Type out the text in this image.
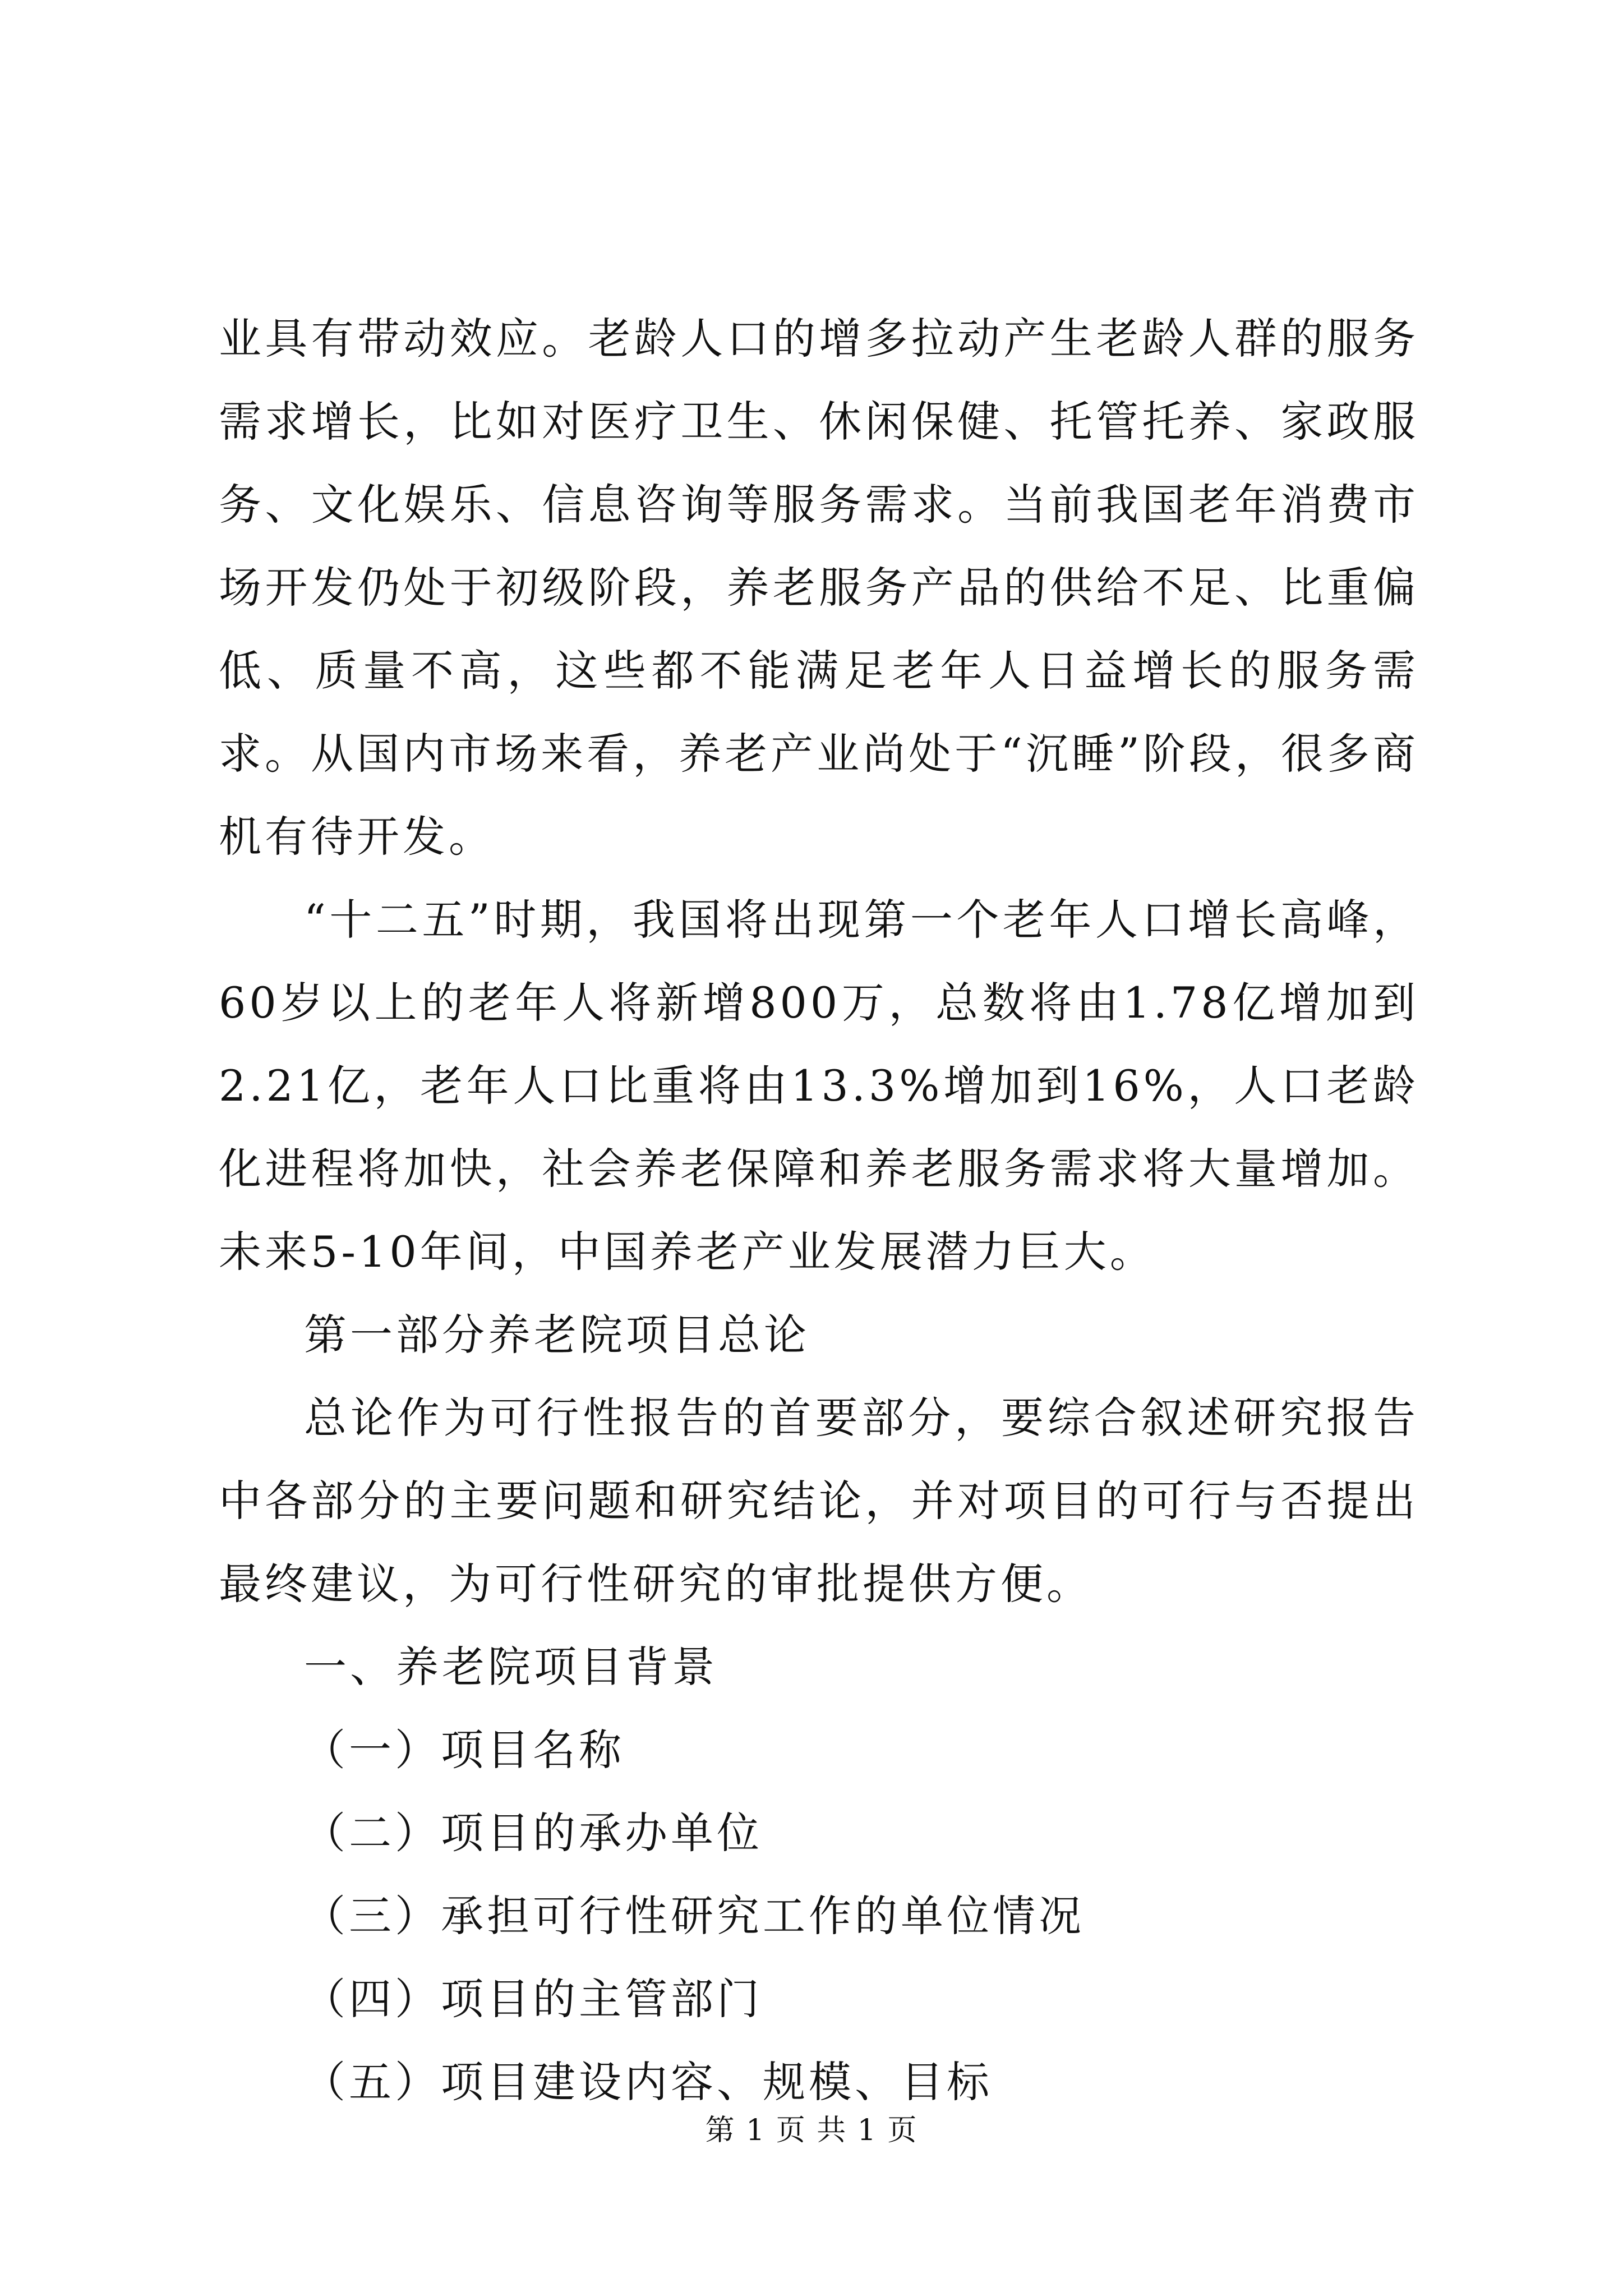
业具有带动效应。老龄人口的增多拉动产生老龄人群的服务需求增长，比如对医疗卫生、休闲保健、托管托养、家政服务、文化娱乐、信息咨询等服务需求。当前我国老年消费市场开发仍处于初级阶段，养老服务产品的供给不足、比重偏低、质量不高，这些都不能满足老年人日益增长的服务需求。从国内市场来看，养老产业尚处于“沉睡”阶段，很多商机有待开发。

“十二五”时期，我国将出现第一个老年人口增长高峰，60岁以上的老年人将新增800万，总数将由1.78亿增加到2.21亿，老年人口比重将由13.3%增加到16%，人口老龄化进程将加快，社会养老保障和养老服务需求将大量增加。未来5-10年间，中国养老产业发展潜力巨大。

第一部分养老院项目总论

总论作为可行性报告的首要部分，要综合叙述研究报告中各部分的主要问题和研究结论，并对项目的可行与否提出最终建议，为可行性研究的审批提供方便。

一、养老院项目背景

（一）项目名称

（二）项目的承办单位

（三）承担可行性研究工作的单位情况

（四）项目的主管部门

（五）项目建设内容、规模、目标

第 1 页 共 1 页
